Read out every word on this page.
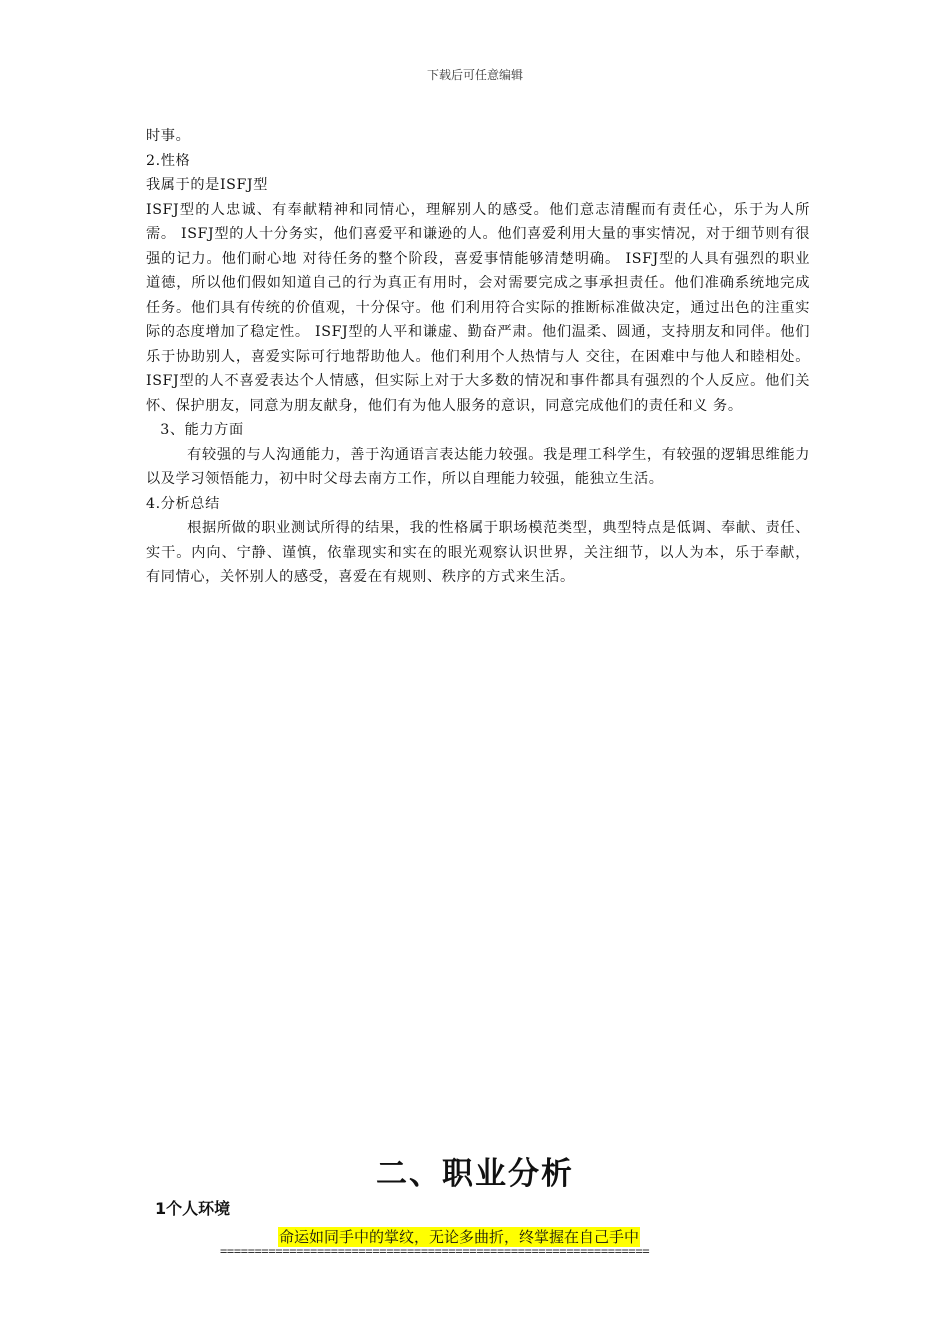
下载后可任意编辑

时事。

2.性格

我属于的是ISFJ型

ISFJ型的人忠诚、有奉献精神和同情心，理解别人的感受。他们意志清醒而有责任心，乐于为人所需。 ISFJ型的人十分务实，他们喜爱平和谦逊的人。他们喜爱利用大量的事实情况，对于细节则有很强的记力。他们耐心地 对待任务的整个阶段，喜爱事情能够清楚明确。 ISFJ型的人具有强烈的职业道德，所以他们假如知道自己的行为真正有用时，会对需要完成之事承担责任。他们准确系统地完成任务。他们具有传统的价值观，十分保守。他 们利用符合实际的推断标准做决定，通过出色的注重实际的态度增加了稳定性。 ISFJ型的人平和谦虚、勤奋严肃。他们温柔、圆通，支持朋友和同伴。他们乐于协助别人，喜爱实际可行地帮助他人。他们利用个人热情与人 交往，在困难中与他人和睦相处。ISFJ型的人不喜爱表达个人情感，但实际上对于大多数的情况和事件都具有强烈的个人反应。他们关怀、保护朋友，同意为朋友献身，他们有为他人服务的意识，同意完成他们的责任和义 务。

3、能力方面

有较强的与人沟通能力，善于沟通语言表达能力较强。我是理工科学生，有较强的逻辑思维能力以及学习领悟能力，初中时父母去南方工作，所以自理能力较强，能独立生活。

4.分析总结

根据所做的职业测试所得的结果，我的性格属于职场模范类型，典型特点是低调、奉献、责任、实干。内向、宁静、谨慎，依靠现实和实在的眼光观察认识世界，关注细节，以人为本，乐于奉献，有同情心，关怀别人的感受，喜爱在有规则、秩序的方式来生活。

二、职业分析
1个人环境
命运如同手中的掌纹，无论多曲折，终掌握在自己手中
==============================================================
